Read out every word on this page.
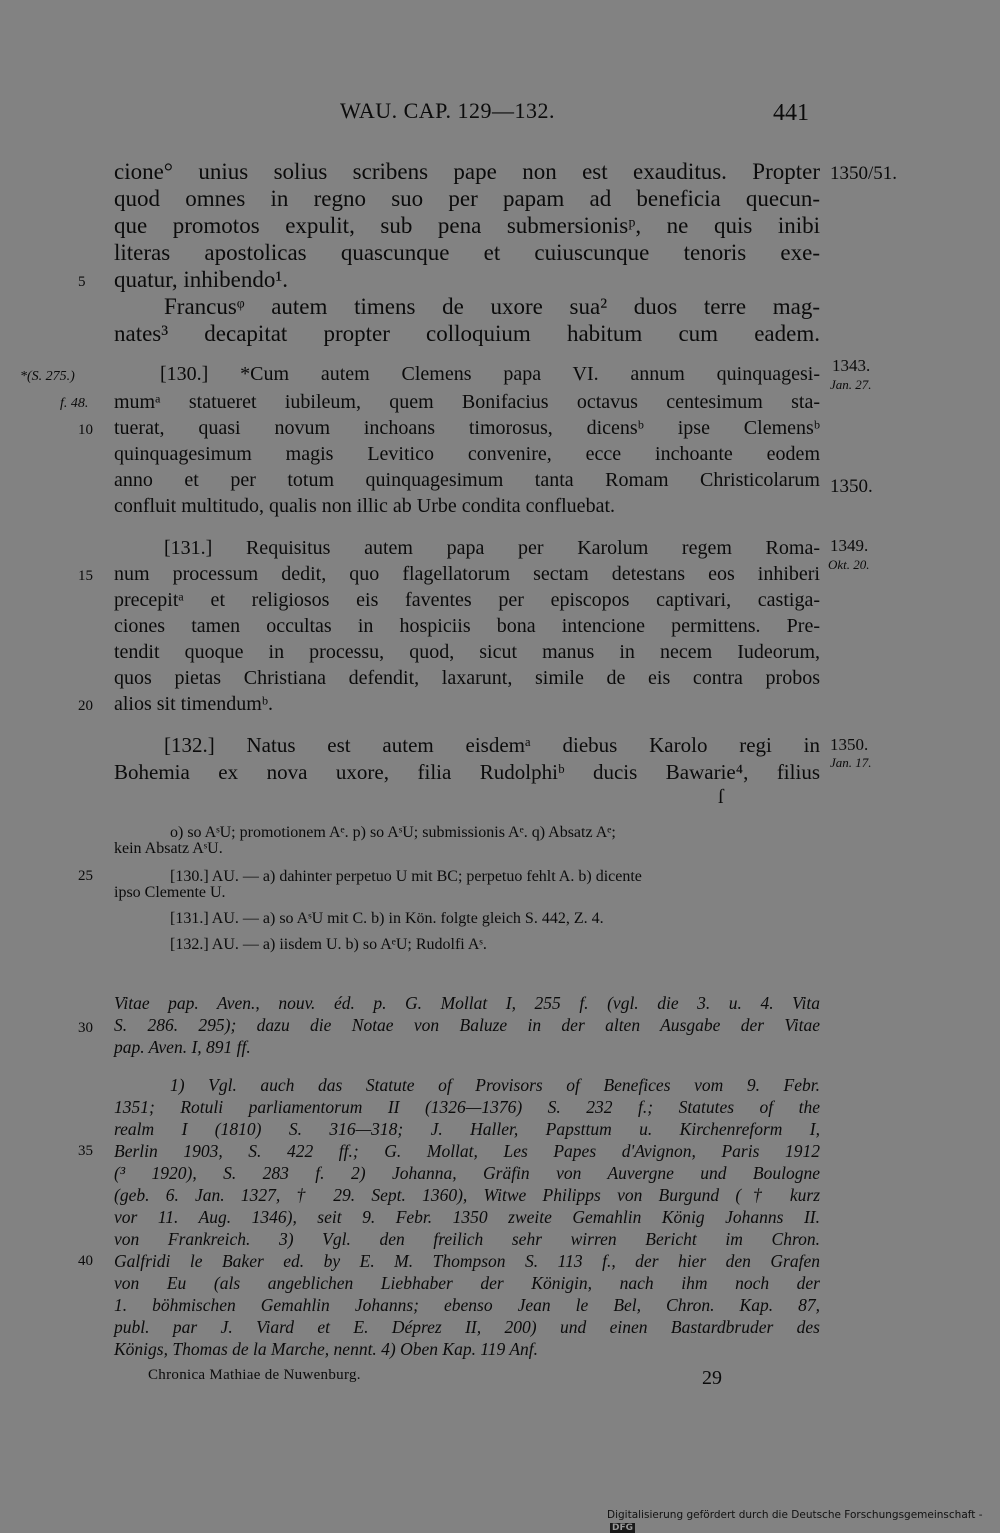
WAU. CAP. 129—132.	441
cione° unius solius scribens pape non est exauditus. Propter
quod omnes in regno suo per papam ad beneficia quecun-
que promotos expulit, sub pena submersionisᵖ, ne quis inibi
literas apostolicas quascunque et cuiuscunque tenoris exe-
quatur, inhibendo¹.
Francusᵠ autem timens de uxore sua² duos terre mag-
nates³ decapitat propter colloquium habitum cum eadem.
[130.] *Cum autem Clemens papa VI. annum quinquagesi-
mumᵃ statueret iubileum, quem Bonifacius octavus centesimum sta-
tuerat, quasi novum inchoans timorosus, dicensᵇ ipse Clemensᵇ
quinquagesimum magis Levitico convenire, ecce inchoante eodem
anno et per totum quinquagesimum tanta Romam Christicolarum
confluit multitudo, qualis non illic ab Urbe condita confluebat.
[131.] Requisitus autem papa per Karolum regem Roma-
num processum dedit, quo flagellatorum sectam detestans eos inhiberi
precepitᵃ et religiosos eis faventes per episcopos captivari, castiga-
ciones tamen occultas in hospiciis bona intencione permittens. Pre-
tendit quoque in processu, quod, sicut manus in necem Iudeorum,
quos pietas Christiana defendit, laxarunt, simile de eis contra probos
alios sit timendumᵇ.
[132.] Natus est autem eisdemᵃ diebus Karolo regi in
Bohemia ex nova uxore, filia Rudolphiᵇ ducis Bawarie⁴, filius
ſ
5
10
15
20
25
30
35
40
*(S. 275.)
f. 48.
1350/51.
1343.
Jan. 27.
1350.
1349.
Okt. 20.
1350.
Jan. 17.
o) so AˢU; promotionem Aᵉ. p) so AˢU; submissionis Aᵉ. q) Absatz Aᵉ;
kein Absatz AˢU.
[130.] AU. — a) dahinter perpetuo U mit BC; perpetuo fehlt A. b) dicente
ipso Clemente U.
[131.] AU. — a) so AˢU mit C. b) in Kön. folgte gleich S. 442, Z. 4.
[132.] AU. — a) iisdem U. b) so AᵉU; Rudolfi Aˢ.
Vitae pap. Aven., nouv. éd. p. G. Mollat I, 255 f. (vgl. die 3. u. 4. Vita
S. 286. 295); dazu die Notae von Baluze in der alten Ausgabe der Vitae
pap. Aven. I, 891 ff.
1) Vgl. auch das Statute of Provisors of Benefices vom 9. Febr.
1351; Rotuli parliamentorum II (1326—1376) S. 232 f.; Statutes of the
realm I (1810) S. 316—318; J. Haller, Papsttum u. Kirchenreform I,
Berlin 1903, S. 422 ff.; G. Mollat, Les Papes d'Avignon, Paris 1912
(³ 1920), S. 283 f. 2) Johanna, Gräfin von Auvergne und Boulogne
(geb. 6. Jan. 1327, † 29. Sept. 1360), Witwe Philipps von Burgund († kurz
vor 11. Aug. 1346), seit 9. Febr. 1350 zweite Gemahlin König Johanns II.
von Frankreich. 3) Vgl. den freilich sehr wirren Bericht im Chron.
Galfridi le Baker ed. by E. M. Thompson S. 113 f., der hier den Grafen
von Eu (als angeblichen Liebhaber der Königin, nach ihm noch der
1. böhmischen Gemahlin Johanns; ebenso Jean le Bel, Chron. Kap. 87,
publ. par J. Viard et E. Déprez II, 200) und einen Bastardbruder des
Königs, Thomas de la Marche, nennt. 4) Oben Kap. 119 Anf.
Chronica Mathiae de Nuwenburg.	29
Digitalisierung gefördert durch die Deutsche Forschungsgemeinschaft -DFG
